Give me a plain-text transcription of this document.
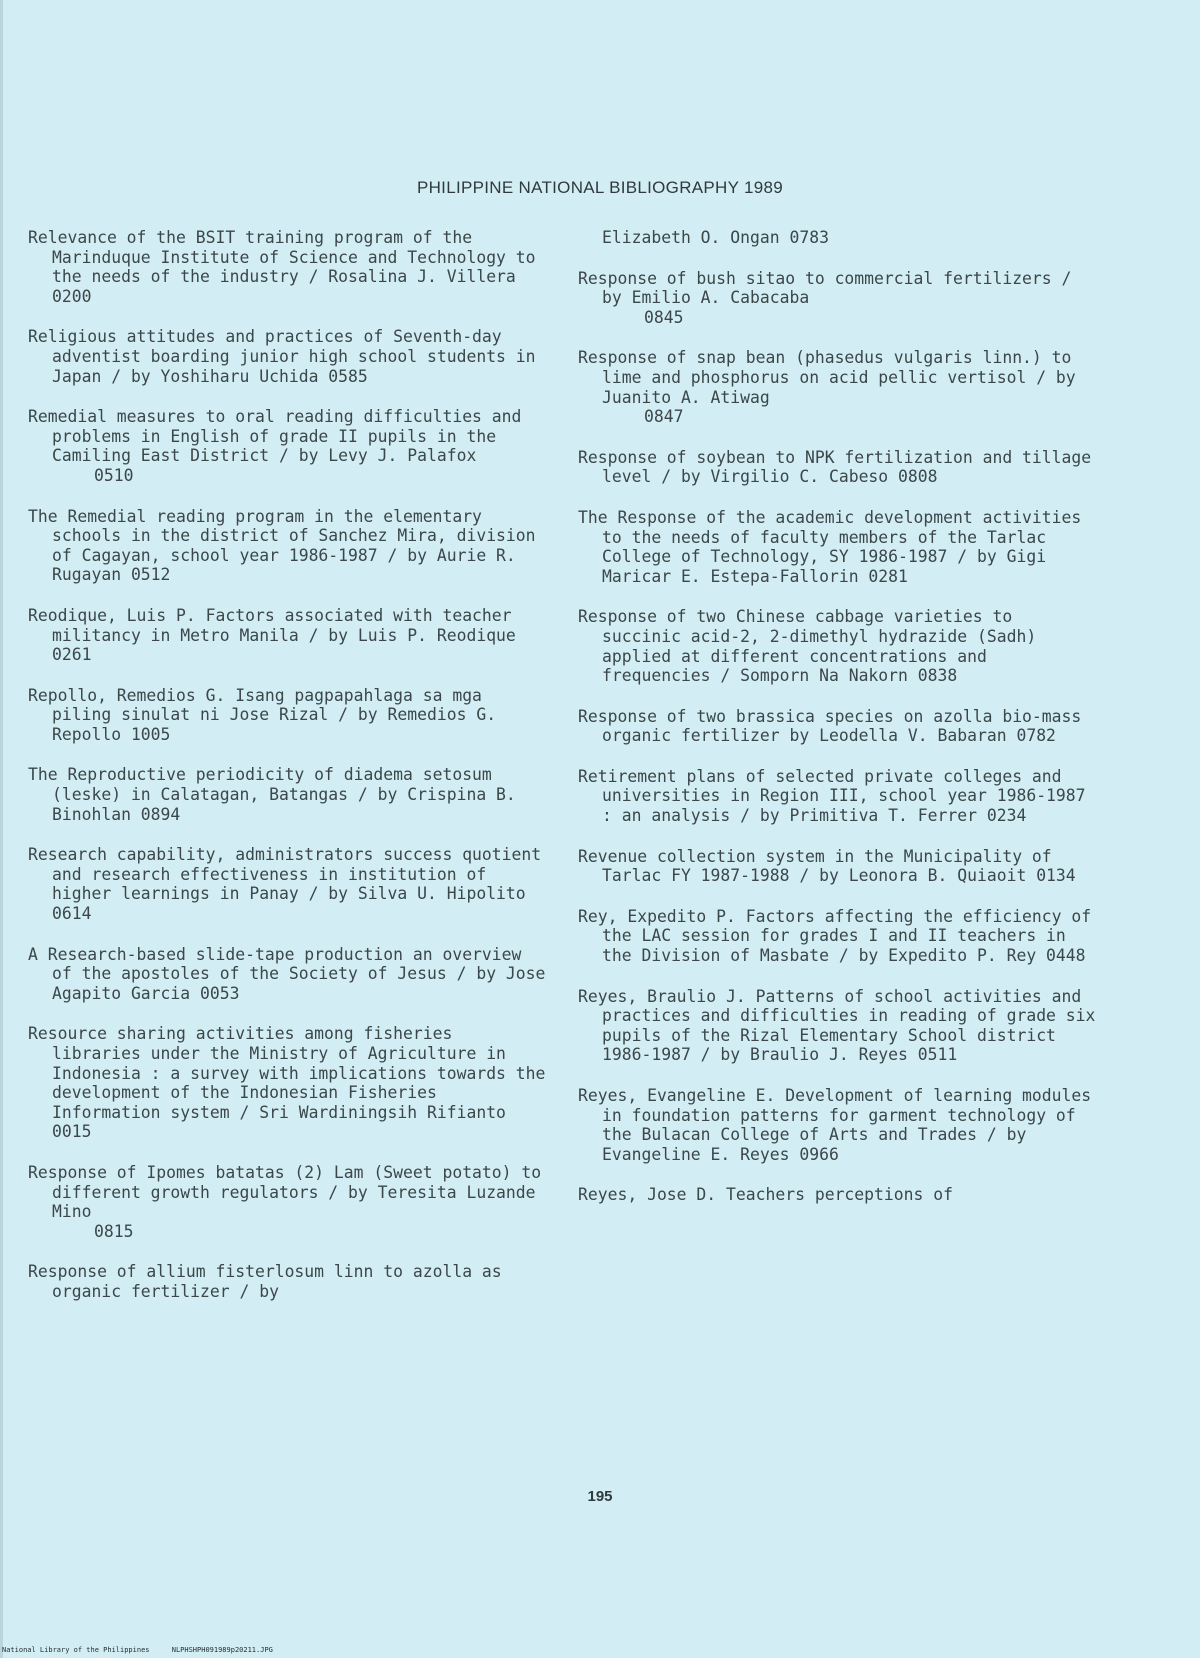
PHILIPPINE NATIONAL BIBLIOGRAPHY 1989

Relevance of the BSIT training program of the Marinduque Institute of Science and Technology to the needs of the industry / Rosalina J. Villera 0200

Religious attitudes and practices of Seventh-day adventist boarding junior high school students in Japan / by Yoshiharu Uchida 0585

Remedial measures to oral reading difficulties and problems in English of grade II pupils in the Camiling East District / by Levy J. Palafox
0510

The Remedial reading program in the elementary schools in the district of Sanchez Mira, division of Cagayan, school year 1986-1987 / by Aurie R. Rugayan 0512

Reodique, Luis P. Factors associated with teacher militancy in Metro Manila / by Luis P. Reodique 0261

Repollo, Remedios G. Isang pagpapahlaga sa mga piling sinulat ni Jose Rizal / by Remedios G. Repollo 1005

The Reproductive periodicity of diadema setosum (leske) in Calatagan, Batangas / by Crispina B. Binohlan 0894

Research capability, administrators success quotient and research effectiveness in institution of higher learnings in Panay / by Silva U. Hipolito 0614

A Research-based slide-tape production an overview of the apostoles of the Society of Jesus / by Jose Agapito Garcia 0053

Resource sharing activities among fisheries libraries under the Ministry of Agriculture in Indonesia : a survey with implications towards the development of the Indonesian Fisheries Information system / Sri Wardiningsih Rifianto 0015

Response of Ipomes batatas (2) Lam (Sweet potato) to different growth regulators / by Teresita Luzande Mino
0815

Response of allium fisterlosum linn to azolla as organic fertilizer / by

Elizabeth O. Ongan 0783

Response of bush sitao to commercial fertilizers / by Emilio A. Cabacaba
0845

Response of snap bean (phasedus vulgaris linn.) to lime and phosphorus on acid pellic vertisol / by Juanito A. Atiwag
0847

Response of soybean to NPK fertilization and tillage level / by Virgilio C. Cabeso 0808

The Response of the academic development activities to the needs of faculty members of the Tarlac College of Technology, SY 1986-1987 / by Gigi Maricar E. Estepa-Fallorin 0281

Response of two Chinese cabbage varieties to succinic acid-2, 2-dimethyl hydrazide (Sadh) applied at different concentrations and frequencies / Somporn Na Nakorn 0838

Response of two brassica species on azolla bio-mass organic fertilizer by Leodella V. Babaran 0782

Retirement plans of selected private colleges and universities in Region III, school year 1986-1987 : an analysis / by Primitiva T. Ferrer 0234

Revenue collection system in the Municipality of Tarlac FY 1987-1988 / by Leonora B. Quiaoit 0134

Rey, Expedito P. Factors affecting the efficiency of the LAC session for grades I and II teachers in the Division of Masbate / by Expedito P. Rey 0448

Reyes, Braulio J. Patterns of school activities and practices and difficulties in reading of grade six pupils of the Rizal Elementary School district 1986-1987 / by Braulio J. Reyes 0511

Reyes, Evangeline E. Development of learning modules in foundation patterns for garment technology of the Bulacan College of Arts and Trades / by Evangeline E. Reyes 0966

Reyes, Jose D. Teachers perceptions of

195
National Library of the Philippines	NLPHSHPH091989p20211.JPG
